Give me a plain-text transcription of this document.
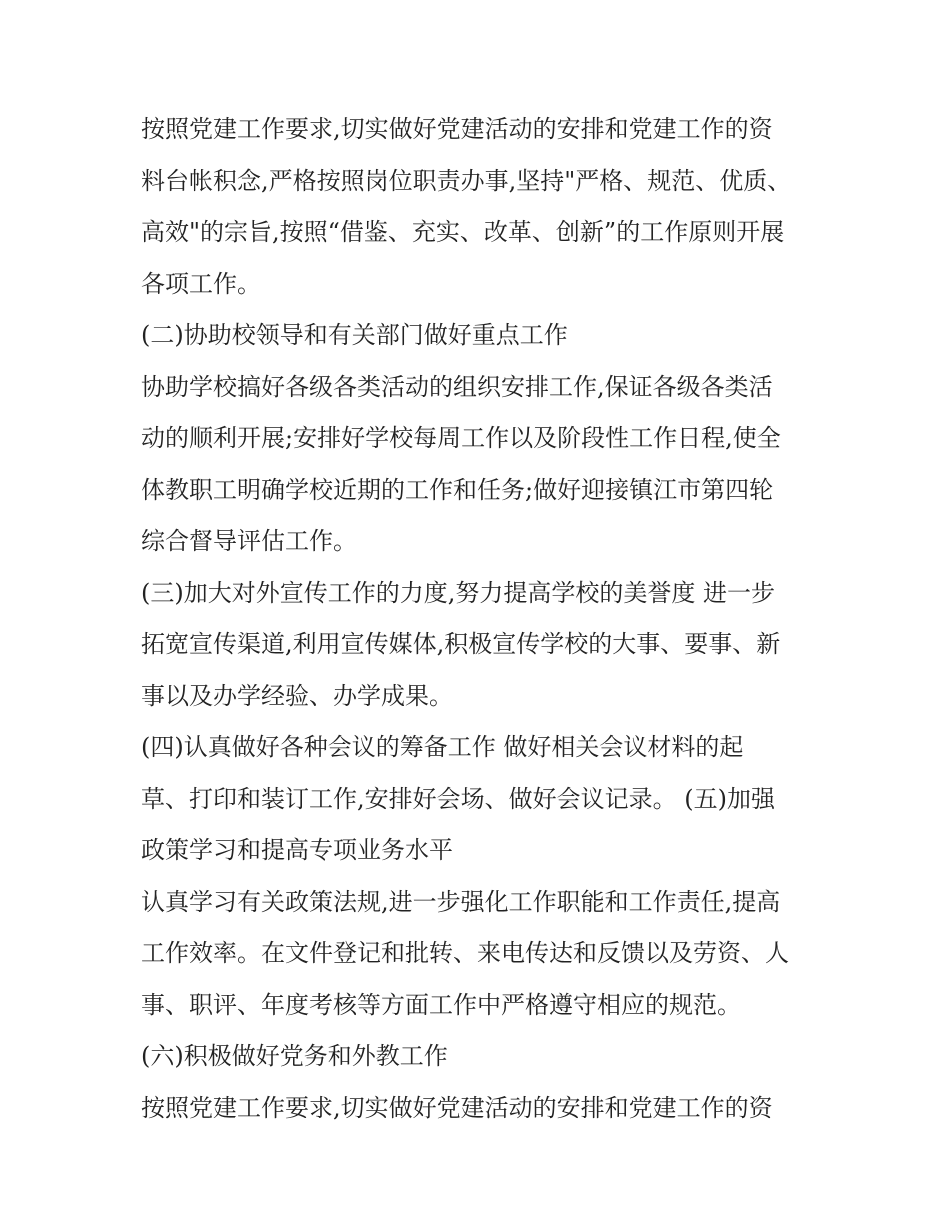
按照党建工作要求,切实做好党建活动的安排和党建工作的资
料台帐积念,严格按照岗位职责办事,坚持"严格、规范、优质、
高效"的宗旨,按照“借鉴、充实、改革、创新”的工作原则开展
各项工作。
(二)协助校领导和有关部门做好重点工作
协助学校搞好各级各类活动的组织安排工作,保证各级各类活
动的顺利开展;安排好学校每周工作以及阶段性工作日程,使全
体教职工明确学校近期的工作和任务;做好迎接镇江市第四轮
综合督导评估工作。
(三)加大对外宣传工作的力度,努力提高学校的美誉度 进一步
拓宽宣传渠道,利用宣传媒体,积极宣传学校的大事、要事、新
事以及办学经验、办学成果。
(四)认真做好各种会议的筹备工作 做好相关会议材料的起
草、打印和装订工作,安排好会场、做好会议记录。 (五)加强
政策学习和提高专项业务水平
认真学习有关政策法规,进一步强化工作职能和工作责任,提高
工作效率。在文件登记和批转、来电传达和反馈以及劳资、人
事、职评、年度考核等方面工作中严格遵守相应的规范。
(六)积极做好党务和外教工作
按照党建工作要求,切实做好党建活动的安排和党建工作的资
